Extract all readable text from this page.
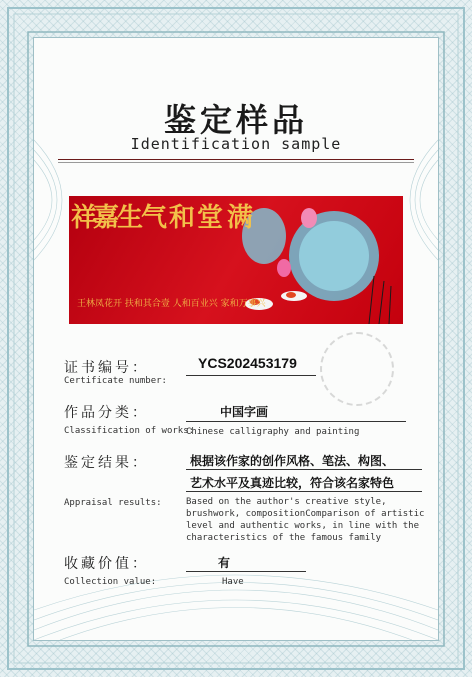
鉴定样品
Identification sample
满
堂
和
气
生
嘉
祥
王林凤花开 扶和其合壹 人和百业兴 家和万事兴
证书编号：
Certificate number:
YCS202453179
作品分类：	中国字画
Classification of works:
Chinese calligraphy and painting
鉴定结果：	根据该作家的创作风格、笔法、构图、
艺术水平及真迹比较，符合该名家特色
Appraisal results:	Based on the author's creative style,
brushwork, compositionComparison of artistic
level and authentic works, in line with the
characteristics of the famous family
收藏价值：	有
Collection value:	Have
